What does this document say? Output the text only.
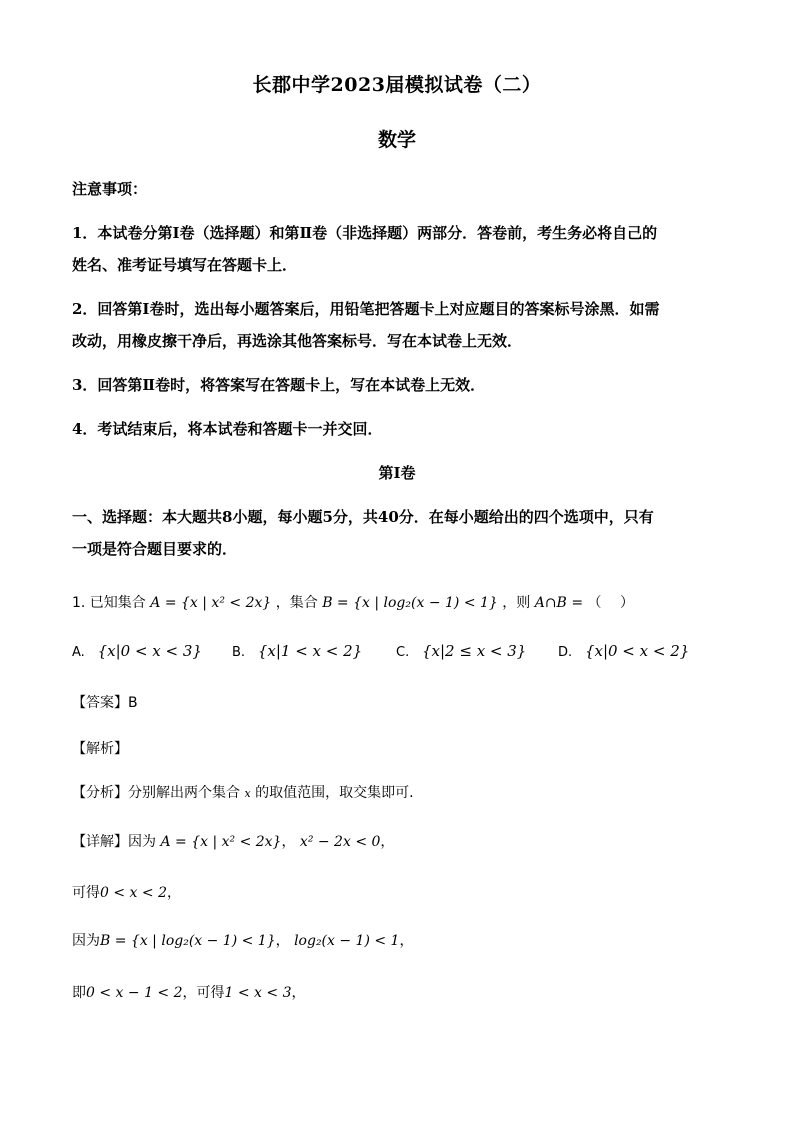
长郡中学2023届模拟试卷（二）
数学
注意事项：
1．本试卷分第Ⅰ卷（选择题）和第Ⅱ卷（非选择题）两部分．答卷前，考生务必将自己的
姓名、准考证号填写在答题卡上．
2．回答第Ⅰ卷时，选出每小题答案后，用铅笔把答题卡上对应题目的答案标号涂黑．如需
改动，用橡皮擦干净后，再选涂其他答案标号．写在本试卷上无效．
3．回答第Ⅱ卷时，将答案写在答题卡上，写在本试卷上无效．
4．考试结束后，将本试卷和答题卡一并交回．
第Ⅰ卷
一、选择题：本大题共8小题，每小题5分，共40分．在每小题给出的四个选项中，只有
一项是符合题目要求的．
1. 已知集合 A = {x | x² < 2x} ，集合 B = {x | log₂(x − 1) < 1} ，则 A∩B = （　 ）
A. {x|0 < x < 3} B. {x|1 < x < 2}	C. {x|2 ≤ x < 3} D. {x|0 < x < 2}
【答案】B
【解析】
【分析】分别解出两个集合 x 的取值范围，取交集即可.
【详解】因为 A = {x | x² < 2x}， x² − 2x < 0，
可得0 < x < 2，
因为B = {x | log₂(x − 1) < 1}， log₂(x − 1) < 1，
即0 < x − 1 < 2，可得1 < x < 3，
